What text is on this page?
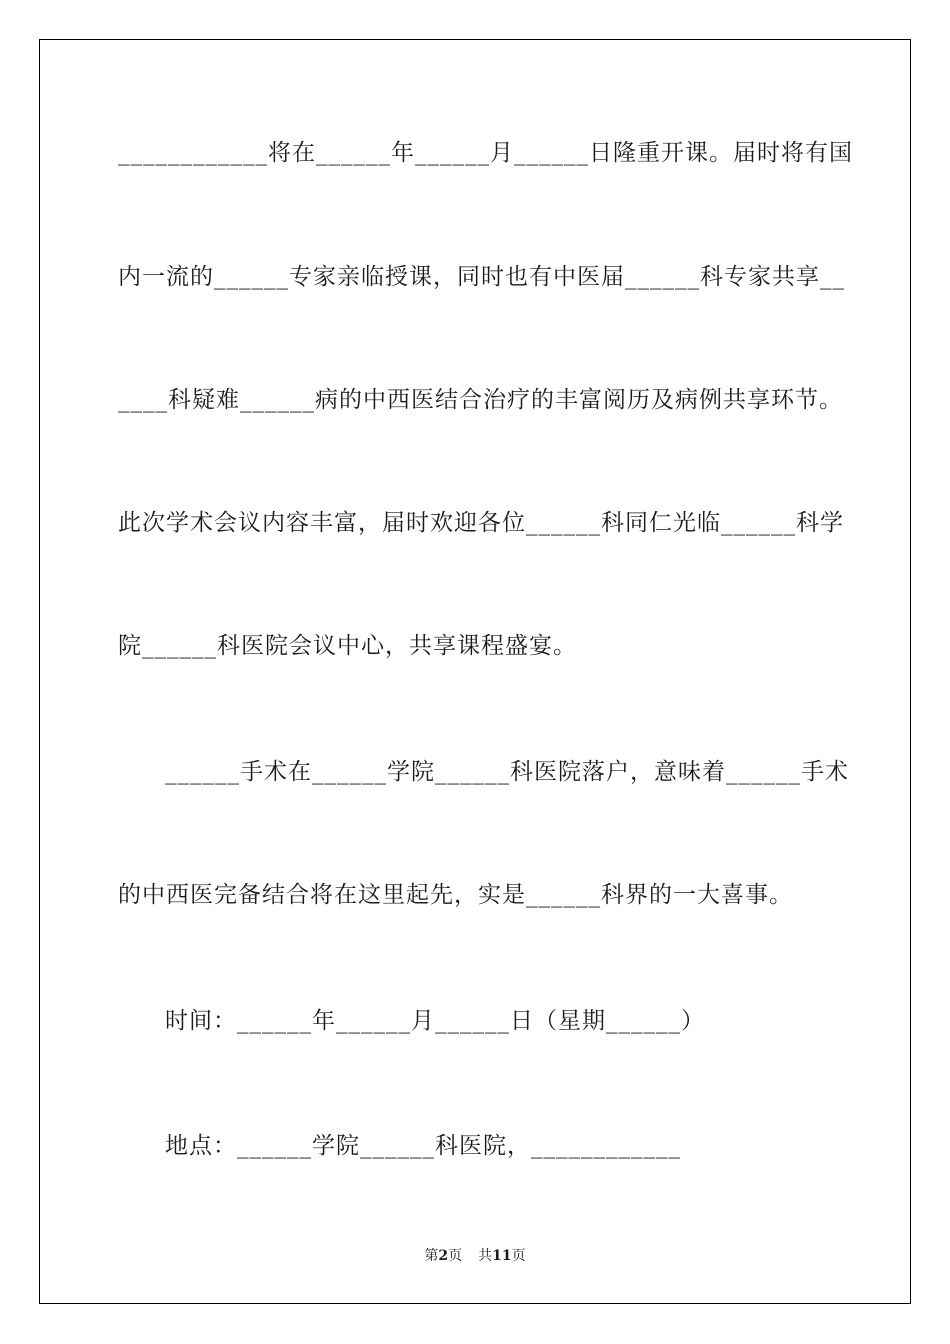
____________将在______年______月______日隆重开课。届时将有国
内一流的______专家亲临授课，同时也有中医届______科专家共享__
____科疑难______病的中西医结合治疗的丰富阅历及病例共享环节。
此次学术会议内容丰富，届时欢迎各位______科同仁光临______科学
院______科医院会议中心，共享课程盛宴。
______手术在______学院______科医院落户，意味着______手术
的中西医完备结合将在这里起先，实是______科界的一大喜事。
时间：______年______月______日（星期______）
地点：______学院______科医院，____________
第2页 共11页
